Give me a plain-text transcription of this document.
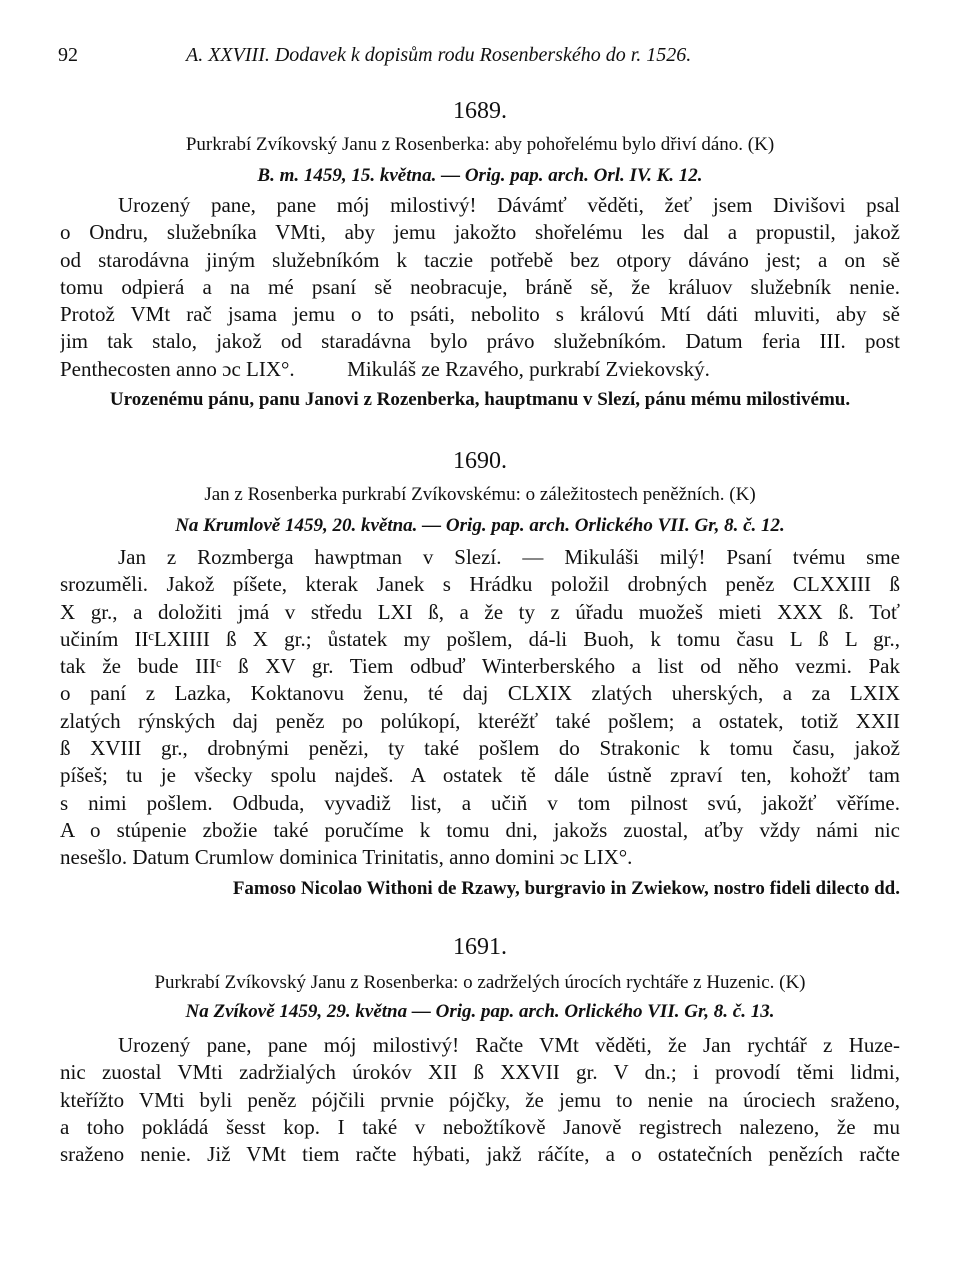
92	A. XXVIII. Dodavek k dopisům rodu Rosenberského do r. 1526.
1689.
Purkrabí Zvíkovský Janu z Rosenberka: aby pohořelému bylo dřiví dáno. (K)
B. m. 1459, 15. května. — Orig. pap. arch. Orl. IV. K. 12.
Urozený pane, pane mój milostivý! Dávámť věděti, žeť jsem Divišovi psal
o Ondru, služebníka VMti, aby jemu jakožto shořelému les dal a propustil, jakož
od starodávna jiným služebníkóm k taczie potřebě bez otpory dáváno jest; a on sě
tomu odpierá a na mé psaní sě neobracuje, bráně sě, že králuov služebník nenie.
Protož VMt rač jsama jemu o to psáti, nebolito s královú Mtí dáti mluviti, aby sě
jim tak stalo, jakož od staradávna bylo právo služebníkóm. Datum feria III. post
Penthecosten anno ɔc LIX°.          Mikuláš ze Rzavého, purkrabí Zviekovský.
Urozenému pánu, panu Janovi z Rozenberka, hauptmanu v Slezí, pánu mému milostivému.
1690.
Jan z Rosenberka purkrabí Zvíkovskému: o záležitostech peněžních. (K)
Na Krumlově 1459, 20. května. — Orig. pap. arch. Orlického VII. Gr, 8. č. 12.
Jan z Rozmberga hawptman v Slezí. — Mikuláši milý! Psaní tvému sme
srozuměli. Jakož píšete, kterak Janek s Hrádku položil drobných peněz CLXXIII ß
X gr., a doložiti jmá v středu LXI ß, a že ty z úřadu muožeš mieti XXX ß. Toť
učiním IIᶜLXIIII ß X gr.; ůstatek my pošlem, dá-li Buoh, k tomu času L ß L gr.,
tak že bude IIIᶜ ß XV gr. Tiem odbuď Winterberského a list od něho vezmi. Pak
o paní z Lazka, Koktanovu ženu, té daj CLXIX zlatých uherských, a za LXIX
zlatých rýnských daj peněz po polúkopí, kteréžť také pošlem; a ostatek, totiž XXII
ß XVIII gr., drobnými penězi, ty také pošlem do Strakonic k tomu času, jakož
píšeš; tu je všecky spolu najdeš. A ostatek tě dále ústně zpraví ten, kohožť tam
s nimi pošlem. Odbuda, vyvadiž list, a učiň v tom pilnost svú, jakožť věříme.
A o stúpenie zbožie také poručíme k tomu dni, jakožs zuostal, aťby vždy námi nic
nesešlo. Datum Crumlow dominica Trinitatis, anno domini ɔc LIX°.
Famoso Nicolao Withoni de Rzawy, burgravio in Zwiekow, nostro fideli dilecto dd.
1691.
Purkrabí Zvíkovský Janu z Rosenberka: o zadrželých úrocích rychtáře z Huzenic. (K)
Na Zvíkově 1459, 29. května — Orig. pap. arch. Orlického VII. Gr, 8. č. 13.
Urozený pane, pane mój milostivý! Račte VMt věděti, že Jan rychtář z Huze-
nic zuostal VMti zadržialých úrokóv XII ß XXVII gr. V dn.; i provodí těmi lidmi,
kteřížto VMti byli peněz pójčili prvnie pójčky, že jemu to nenie na úrociech sraženo,
a toho pokládá šesst kop. I také v nebožtíkově Janově registrech nalezeno, že mu
sraženo nenie. Již VMt tiem račte hýbati, jakž ráčíte, a o ostatečních penězích račte
